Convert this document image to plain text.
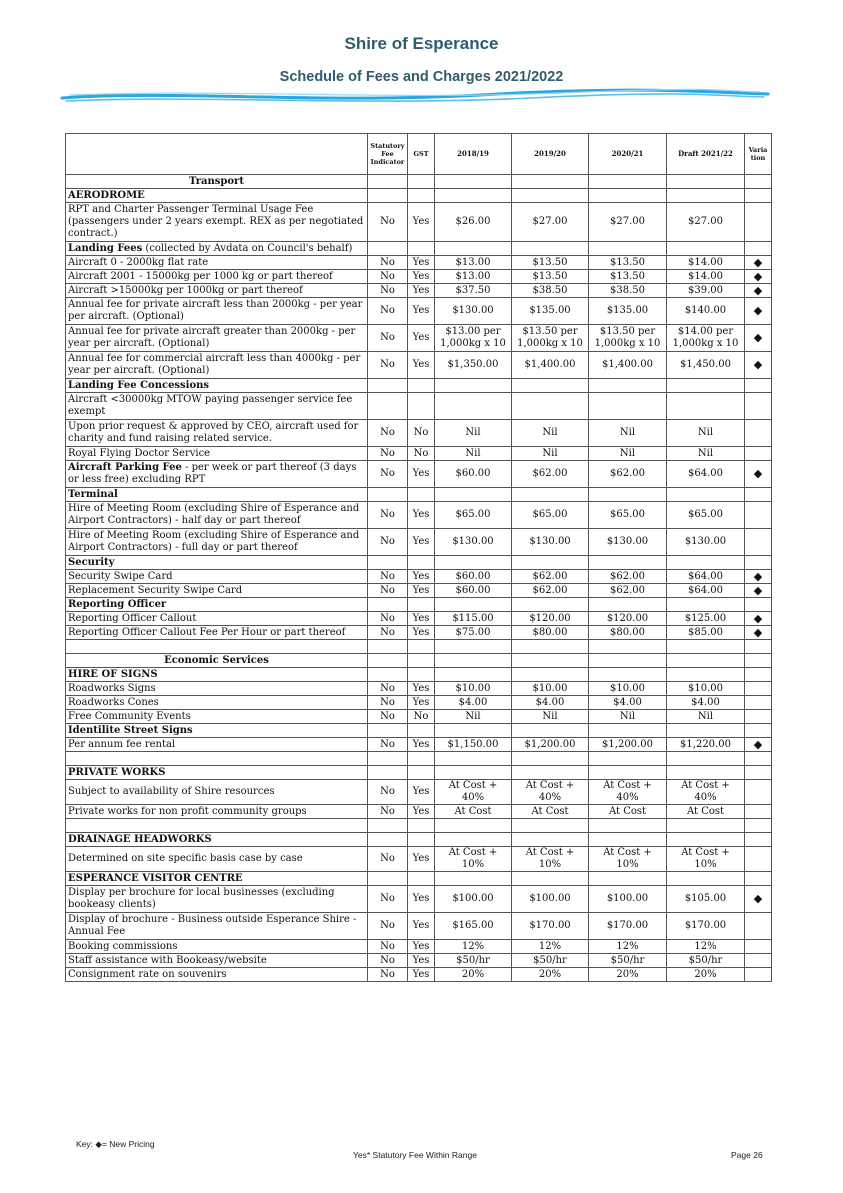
Shire of Esperance
Schedule of Fees and Charges 2021/2022
	Statutory Fee Indicator	GST	2018/19	2019/20	2020/21	Draft 2021/22	Varia tion
Transport							
AERODROME							
RPT and Charter Passenger Terminal Usage Fee (passengers under 2 years exempt. REX as per negotiated contract.)	No	Yes	$26.00	$27.00	$27.00	$27.00	
Landing Fees (collected by Avdata on Council's behalf)							
Aircraft 0 - 2000kg flat rate	No	Yes	$13.00	$13.50	$13.50	$14.00	◆
Aircraft 2001 - 15000kg per 1000 kg or part thereof	No	Yes	$13.00	$13.50	$13.50	$14.00	◆
Aircraft >15000kg per 1000kg or part thereof	No	Yes	$37.50	$38.50	$38.50	$39.00	◆
Annual fee for private aircraft less than 2000kg - per year per aircraft. (Optional)	No	Yes	$130.00	$135.00	$135.00	$140.00	◆
Annual fee for private aircraft greater than 2000kg - per year per aircraft. (Optional)	No	Yes	$13.00 per 1,000kg x 10	$13.50 per 1,000kg x 10	$13.50 per 1,000kg x 10	$14.00 per 1,000kg x 10	◆
Annual fee for commercial aircraft less than 4000kg - per year per aircraft. (Optional)	No	Yes	$1,350.00	$1,400.00	$1,400.00	$1,450.00	◆
Landing Fee Concessions							
Aircraft <30000kg MTOW paying passenger service fee exempt							
Upon prior request & approved by CEO, aircraft used for charity and fund raising related service.	No	No	Nil	Nil	Nil	Nil	
Royal Flying Doctor Service	No	No	Nil	Nil	Nil	Nil	
Aircraft Parking Fee - per week or part thereof (3 days or less free) excluding RPT	No	Yes	$60.00	$62.00	$62.00	$64.00	◆
Terminal							
Hire of Meeting Room (excluding Shire of Esperance and Airport Contractors) - half day or part thereof	No	Yes	$65.00	$65.00	$65.00	$65.00	
Hire of Meeting Room (excluding Shire of Esperance and Airport Contractors) - full day or part thereof	No	Yes	$130.00	$130.00	$130.00	$130.00	
Security							
Security Swipe Card	No	Yes	$60.00	$62.00	$62.00	$64.00	◆
Replacement Security Swipe Card	No	Yes	$60.00	$62.00	$62.00	$64.00	◆
Reporting Officer							
Reporting Officer Callout	No	Yes	$115.00	$120.00	$120.00	$125.00	◆
Reporting Officer Callout Fee Per Hour or part thereof	No	Yes	$75.00	$80.00	$80.00	$85.00	◆

Economic Services							
HIRE OF SIGNS							
Roadworks Signs	No	Yes	$10.00	$10.00	$10.00	$10.00	
Roadworks Cones	No	Yes	$4.00	$4.00	$4.00	$4.00	
Free Community Events	No	No	Nil	Nil	Nil	Nil	
Identilite Street Signs							
Per annum fee rental	No	Yes	$1,150.00	$1,200.00	$1,200.00	$1,220.00	◆

PRIVATE WORKS							
Subject to availability of Shire resources	No	Yes	At Cost + 40%	At Cost + 40%	At Cost + 40%	At Cost + 40%	
Private works for non profit community groups	No	Yes	At Cost	At Cost	At Cost	At Cost	

DRAINAGE HEADWORKS							
Determined on site specific basis case by case	No	Yes	At Cost + 10%	At Cost + 10%	At Cost + 10%	At Cost + 10%	
ESPERANCE VISITOR CENTRE							
Display per brochure for local businesses (excluding bookeasy clients)	No	Yes	$100.00	$100.00	$100.00	$105.00	◆
Display of brochure - Business outside Esperance Shire - Annual Fee	No	Yes	$165.00	$170.00	$170.00	$170.00	
Booking commissions	No	Yes	12%	12%	12%	12%	
Staff assistance with Bookeasy/website	No	Yes	$50/hr	$50/hr	$50/hr	$50/hr	
Consignment rate on souvenirs	No	Yes	20%	20%	20%	20%	
Key: ◆= New Pricing
Yes* Statutory Fee Within Range	Page 26
